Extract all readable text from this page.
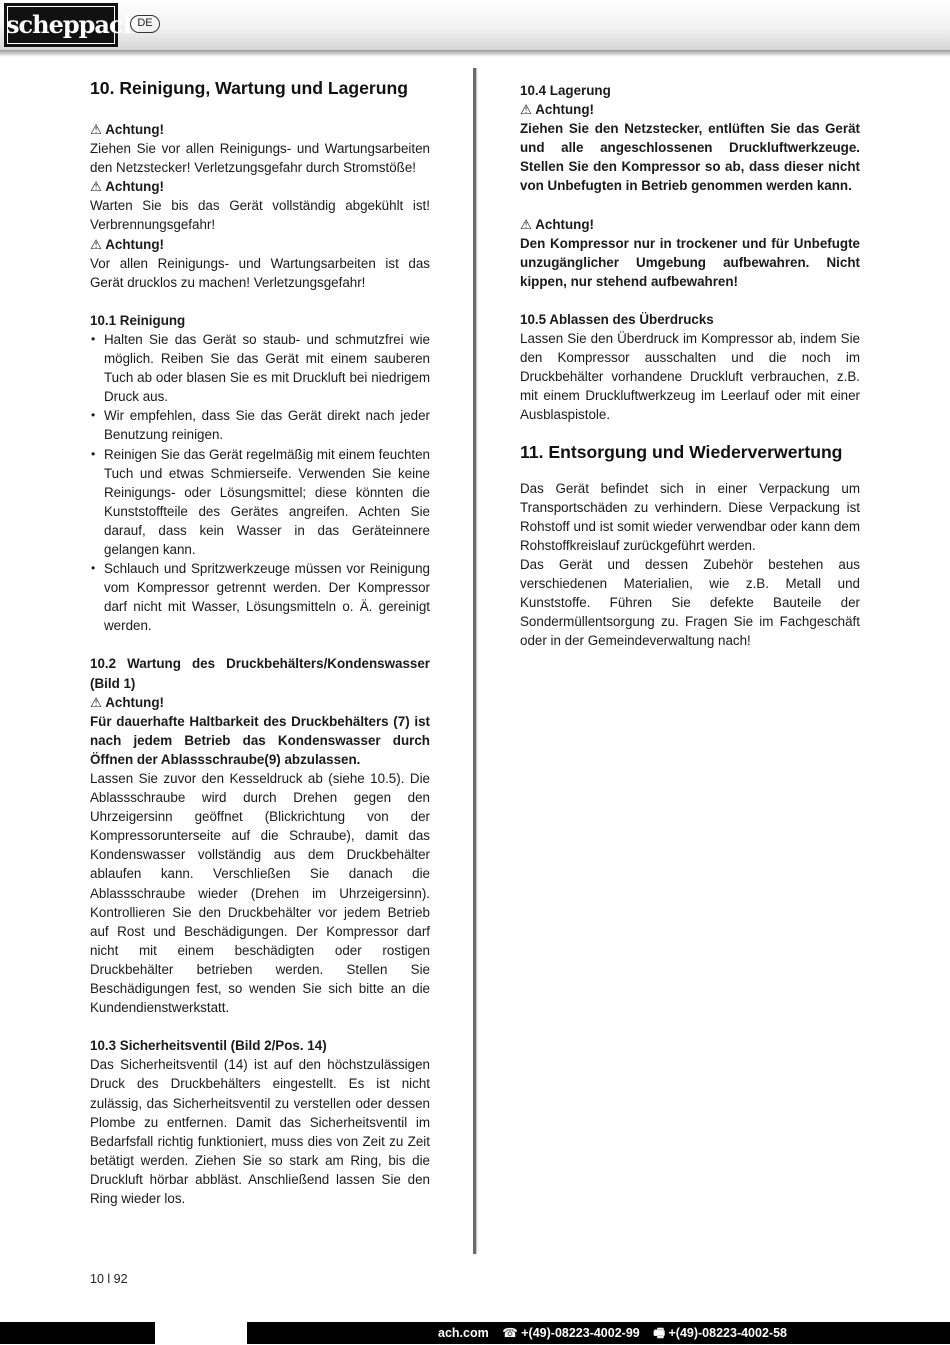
scheppach
DE
10. Reinigung, Wartung und Lagerung

⚠ Achtung!

Ziehen Sie vor allen Reinigungs- und Wartungsarbeiten den Netzstecker! Verletzungsgefahr durch Stromstöße!

⚠ Achtung!

Warten Sie bis das Gerät vollständig abgekühlt ist! Verbrennungsgefahr!

⚠ Achtung!

Vor allen Reinigungs- und Wartungsarbeiten ist das Gerät drucklos zu machen! Verletzungsgefahr!

10.1 Reinigung

• Halten Sie das Gerät so staub- und schmutzfrei wie möglich. Reiben Sie das Gerät mit einem sauberen Tuch ab oder blasen Sie es mit Druckluft bei niedrigem Druck aus.
• Wir empfehlen, dass Sie das Gerät direkt nach jeder Benutzung reinigen.
• Reinigen Sie das Gerät regelmäßig mit einem feuchten Tuch und etwas Schmierseife. Verwenden Sie keine Reinigungs- oder Lösungsmittel; diese könnten die Kunststoffteile des Gerätes angreifen. Achten Sie darauf, dass kein Wasser in das Geräteinnere gelangen kann.
• Schlauch und Spritzwerkzeuge müssen vor Reinigung vom Kompressor getrennt werden. Der Kompressor darf nicht mit Wasser, Lösungsmitteln o. Ä. gereinigt werden.

10.2 Wartung des Druckbehälters/Kondenswasser (Bild 1)

⚠ Achtung!

Für dauerhafte Haltbarkeit des Druckbehälters (7) ist nach jedem Betrieb das Kondenswasser durch Öffnen der Ablassschraube(9) abzulassen.

Lassen Sie zuvor den Kesseldruck ab (siehe 10.5). Die Ablassschraube wird durch Drehen gegen den Uhrzeigersinn geöffnet (Blickrichtung von der Kompressorunterseite auf die Schraube), damit das Kondenswasser vollständig aus dem Druckbehälter ablaufen kann. Verschließen Sie danach die Ablassschraube wieder (Drehen im Uhrzeigersinn). Kontrollieren Sie den Druckbehälter vor jedem Betrieb auf Rost und Beschädigungen. Der Kompressor darf nicht mit einem beschädigten oder rostigen Druckbehälter betrieben werden. Stellen Sie Beschädigungen fest, so wenden Sie sich bitte an die Kundendienstwerkstatt.

10.3 Sicherheitsventil (Bild 2/Pos. 14)

Das Sicherheitsventil (14) ist auf den höchstzulässigen Druck des Druckbehälters eingestellt. Es ist nicht zulässig, das Sicherheitsventil zu verstellen oder dessen Plombe zu entfernen. Damit das Sicherheitsventil im Bedarfsfall richtig funktioniert, muss dies von Zeit zu Zeit betätigt werden. Ziehen Sie so stark am Ring, bis die Druckluft hörbar abbläst. Anschließend lassen Sie den Ring wieder los.

10.4 Lagerung

⚠ Achtung!

Ziehen Sie den Netzstecker, entlüften Sie das Gerät und alle angeschlossenen Druckluftwerkzeuge. Stellen Sie den Kompressor so ab, dass dieser nicht von Unbefugten in Betrieb genommen werden kann.

⚠ Achtung!

Den Kompressor nur in trockener und für Unbefugte unzugänglicher Umgebung aufbewahren. Nicht kippen, nur stehend aufbewahren!

10.5 Ablassen des Überdrucks

Lassen Sie den Überdruck im Kompressor ab, indem Sie den Kompressor ausschalten und die noch im Druckbehälter vorhandene Druckluft verbrauchen, z.B. mit einem Druckluftwerkzeug im Leerlauf oder mit einer Ausblaspistole.

11. Entsorgung und Wiederverwertung

Das Gerät befindet sich in einer Verpackung um Transportschäden zu verhindern. Diese Verpackung ist Rohstoff und ist somit wieder verwendbar oder kann dem Rohstoffkreislauf zurückgeführt werden.

Das Gerät und dessen Zubehör bestehen aus verschiedenen Materialien, wie z.B. Metall und Kunststoffe. Führen Sie defekte Bauteile der Sondermüllentsorgung zu. Fragen Sie im Fachgeschäft oder in der Gemeindeverwaltung nach!

10 l 92
ach.com ☎ +(49)-08223-4002-99 🖷 +(49)-08223-4002-58
